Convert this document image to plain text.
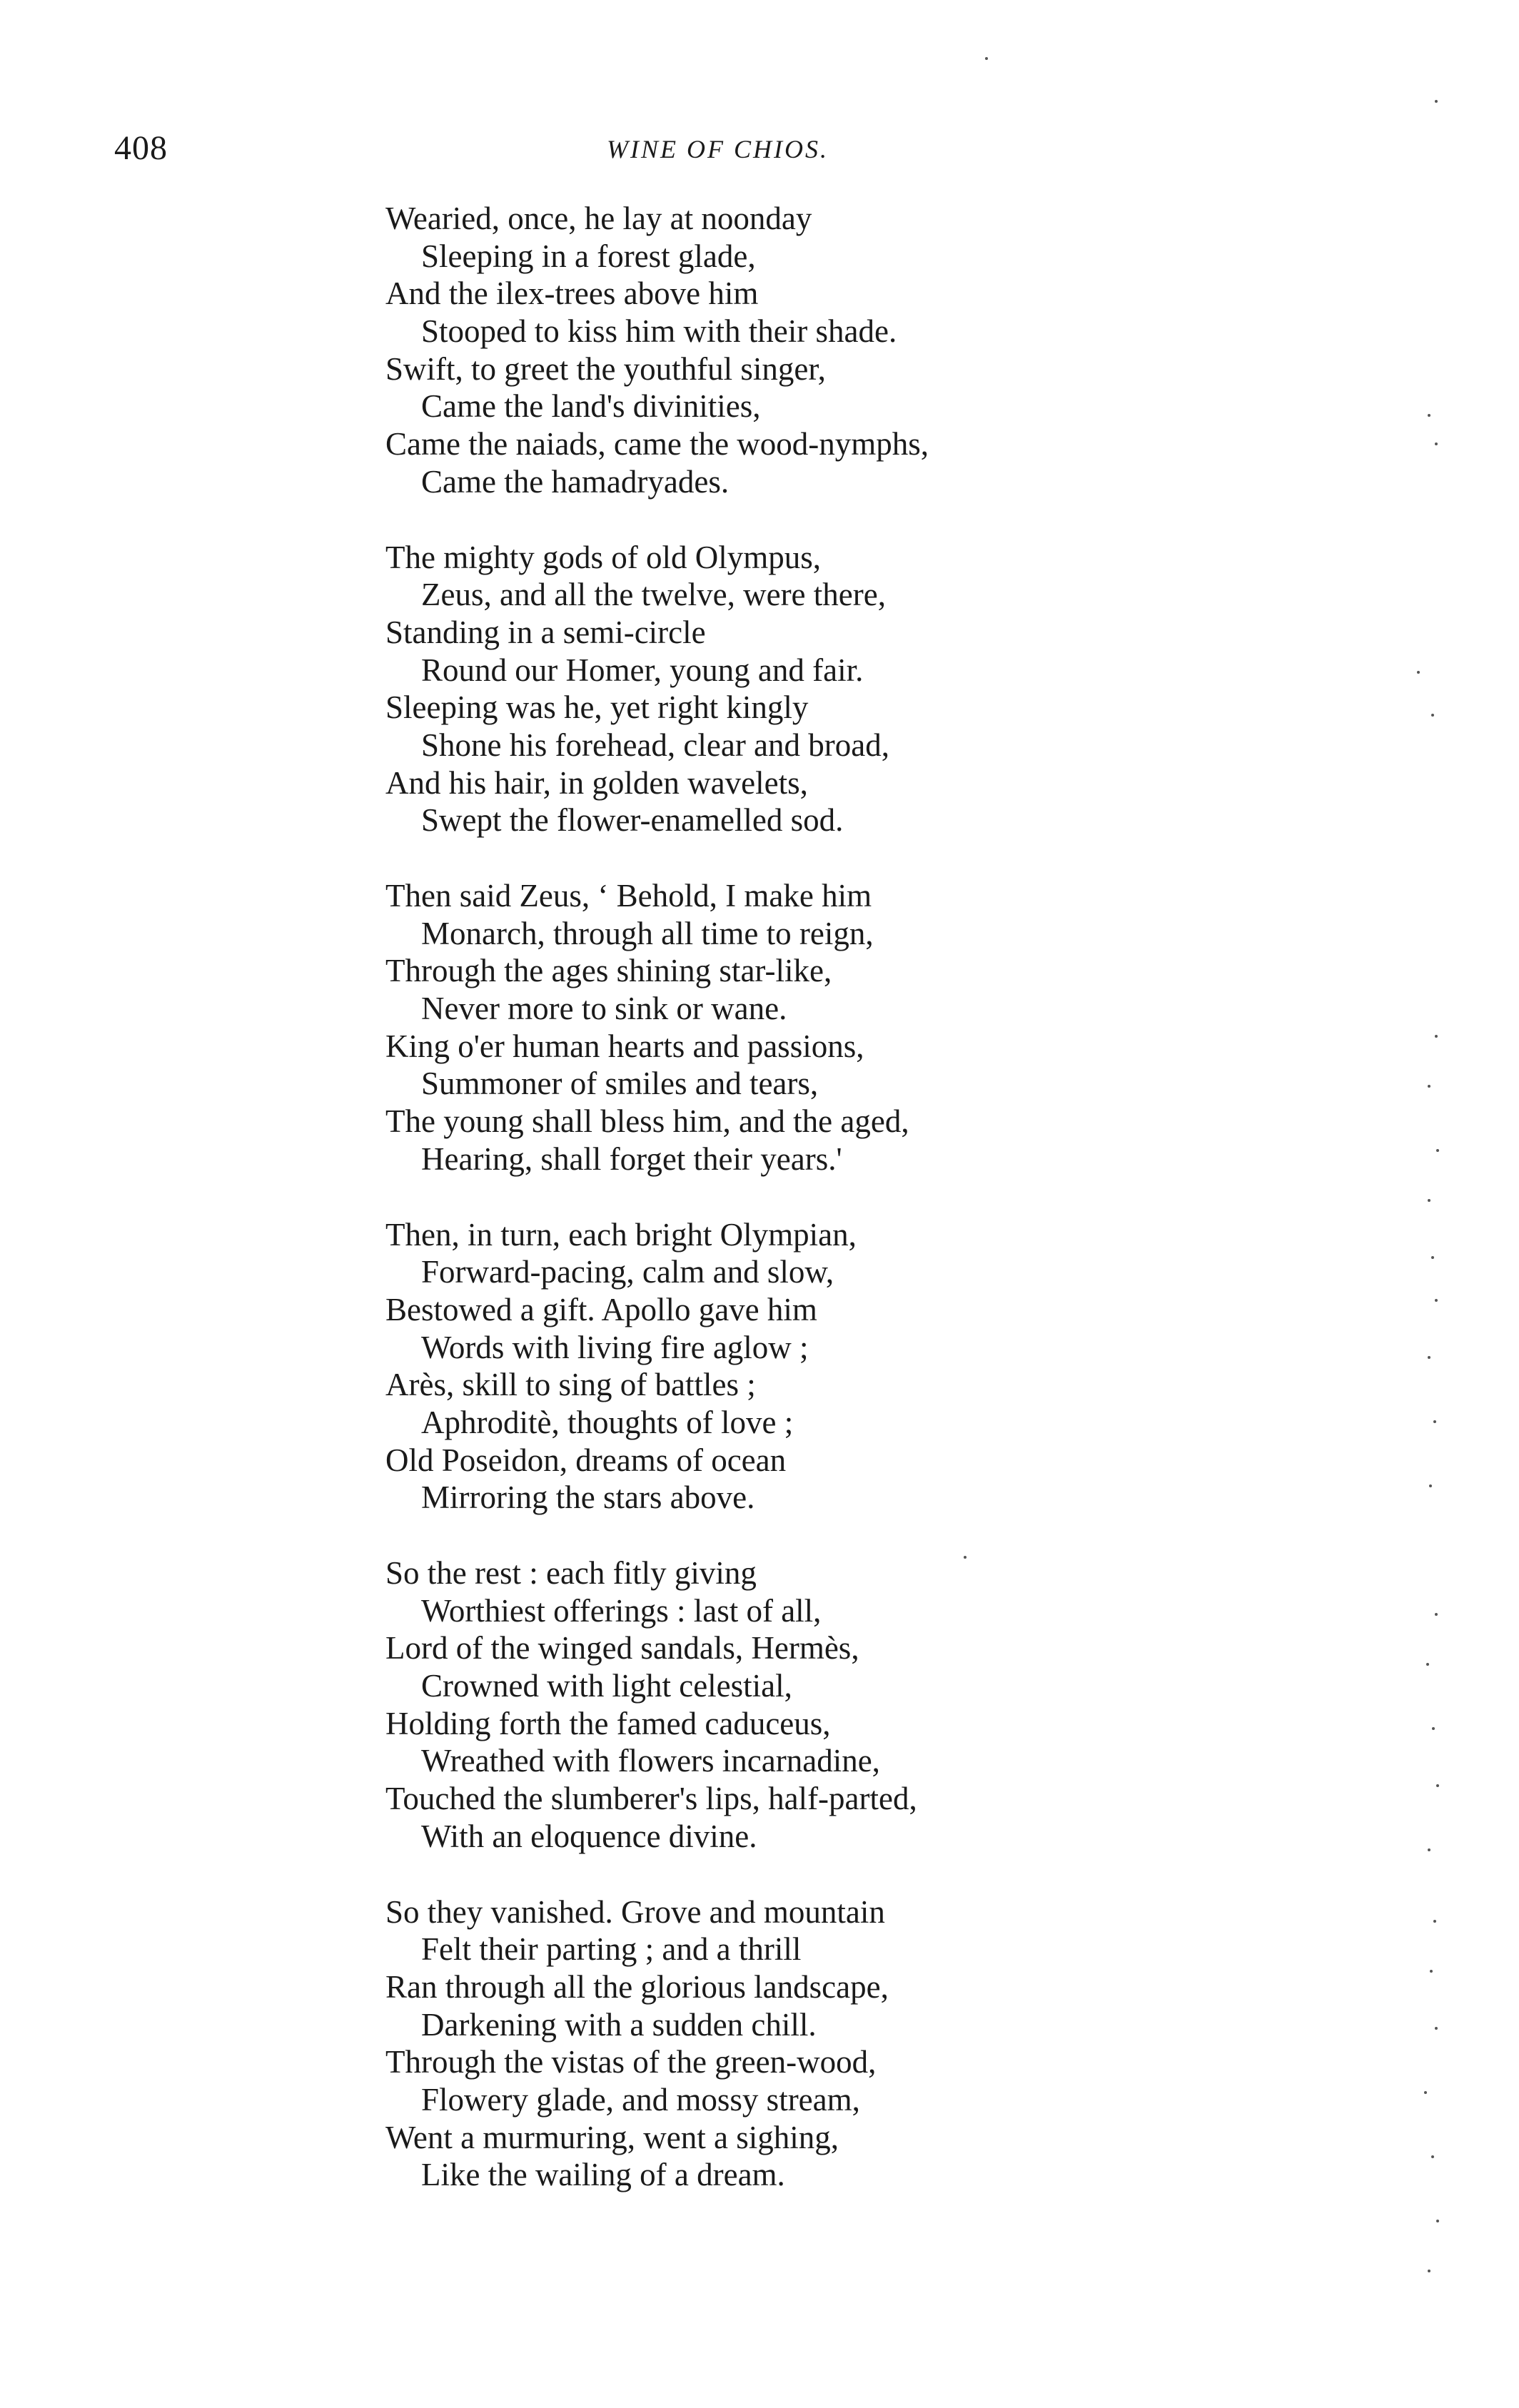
408	WINE OF CHIOS.
Wearied, once, he lay at noonday
Sleeping in a forest glade,
And the ilex-trees above him
Stooped to kiss him with their shade.
Swift, to greet the youthful singer,
Came the land's divinities,
Came the naiads, came the wood-nymphs,
Came the hamadryades.
The mighty gods of old Olympus,
Zeus, and all the twelve, were there,
Standing in a semi-circle
Round our Homer, young and fair.
Sleeping was he, yet right kingly
Shone his forehead, clear and broad,
And his hair, in golden wavelets,
Swept the flower-enamelled sod.
Then said Zeus, ‘ Behold, I make him
Monarch, through all time to reign,
Through the ages shining star-like,
Never more to sink or wane.
King o'er human hearts and passions,
Summoner of smiles and tears,
The young shall bless him, and the aged,
Hearing, shall forget their years.'
Then, in turn, each bright Olympian,
Forward-pacing, calm and slow,
Bestowed a gift. Apollo gave him
Words with living fire aglow ;
Arès, skill to sing of battles ;
Aphroditè, thoughts of love ;
Old Poseidon, dreams of ocean
Mirroring the stars above.
So the rest : each fitly giving
Worthiest offerings : last of all,
Lord of the winged sandals, Hermès,
Crowned with light celestial,
Holding forth the famed caduceus,
Wreathed with flowers incarnadine,
Touched the slumberer's lips, half-parted,
With an eloquence divine.
So they vanished. Grove and mountain
Felt their parting ; and a thrill
Ran through all the glorious landscape,
Darkening with a sudden chill.
Through the vistas of the green-wood,
Flowery glade, and mossy stream,
Went a murmuring, went a sighing,
Like the wailing of a dream.
